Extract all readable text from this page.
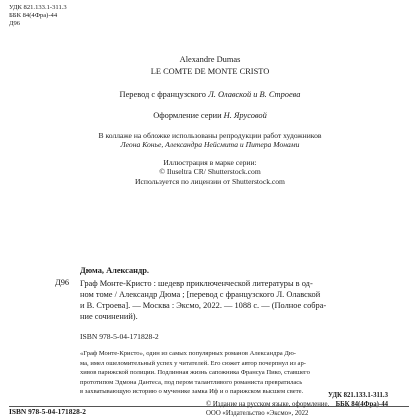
УДК 821.133.1-311.3
ББК 84(4Фра)-44
Д96
Alexandre Dumas
LE COMTE DE MONTE CRISTO
Перевод с французского Л. Олавской и В. Строева
Оформление серии Н. Ярусовой
В коллаже на обложке использованы репродукции работ художников
Леона Конье, Александра Нейсмита и Питера Монами
Иллюстрация в марке серии:
© Iluseltra CR/ Shutterstock.com
Используется по лицензии от Shutterstock.com
Дюма, Александр.
Д96 Граф Монте-Кристо : шедевр приключенческой литературы в од-
ном томе / Александр Дюма ; [перевод с французского Л. Олавской
и В. Строева]. — Москва : Эксмо, 2022. — 1088 с. — (Полное собра-
ние сочинений).
ISBN 978-5-04-171828-2
«Граф Монте-Кристо», один из самых популярных романов Александра Дю-
ма, имел ошеломительный успех у читателей. Его сюжет автор почерпнул из ар-
хивов парижской полиции. Подлинная жизнь сапожника Франсуа Пико, ставшего
прототипом Эдмона Дантеса, под пером талантливого романиста превратилась
в захватывающую историю о мученике замка Иф и о парижском высшем свете.
УДК 821.133.1-311.3
ББК 84(4Фра)-44
ISBN 978-5-04-171828-2
© Издание на русском языке, оформление.
ООО «Издательство «Эксмо», 2022
